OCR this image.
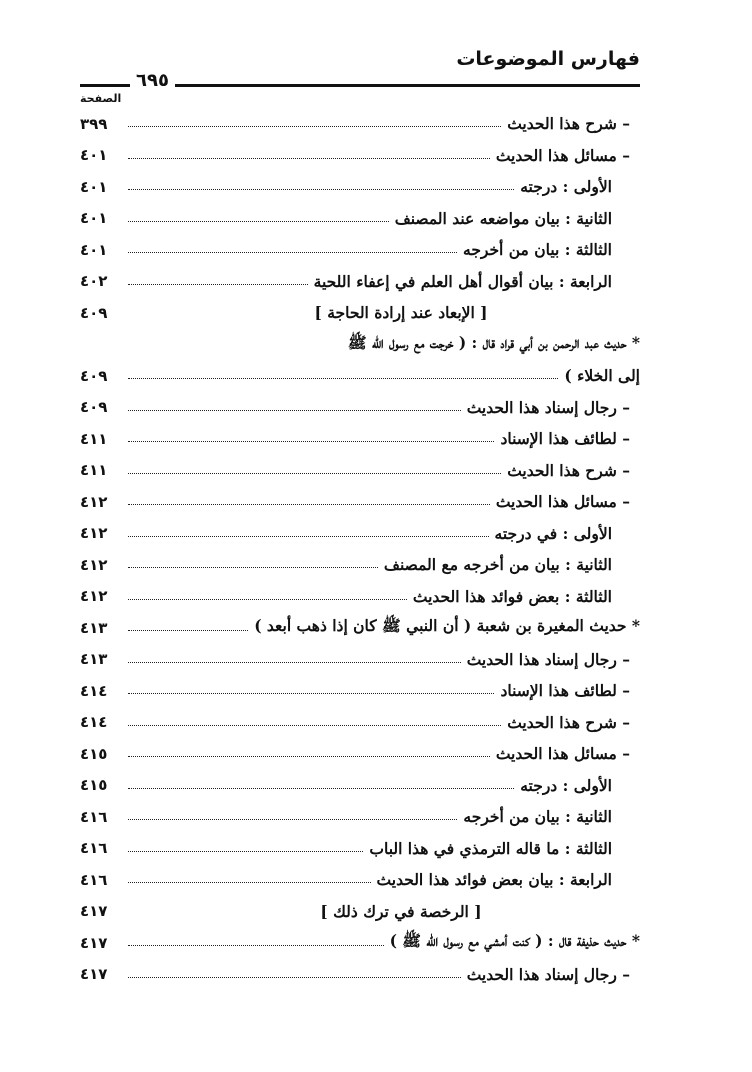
فهارس الموضوعات
٦٩٥
الصفحة
– شرح هذا الحديث
٣٩٩
– مسائل هذا الحديث
٤٠١
الأولى : درجته
٤٠١
الثانية : بيان مواضعه عند المصنف
٤٠١
الثالثة : بيان من أخرجه
٤٠١
الرابعة : بيان أقوال أهل العلم في إعفاء اللحية
٤٠٢
[ الإبعاد عند إرادة الحاجة ]
٤٠٩
* حديث عبد الرحمن بن أبي قراد قال : ( خرجت مع رسول الله ﷺ
إلى الخلاء )
٤٠٩
– رجال إسناد هذا الحديث
٤٠٩
– لطائف هذا الإسناد
٤١١
– شرح هذا الحديث
٤١١
– مسائل هذا الحديث
٤١٢
الأولى : في درجته
٤١٢
الثانية : بيان من أخرجه مع المصنف
٤١٢
الثالثة : بعض فوائد هذا الحديث
٤١٢
* حديث المغيرة بن شعبة ( أن النبي ﷺ كان إذا ذهب أبعد )
٤١٣
– رجال إسناد هذا الحديث
٤١٣
– لطائف هذا الإسناد
٤١٤
– شرح هذا الحديث
٤١٤
– مسائل هذا الحديث
٤١٥
الأولى : درجته
٤١٥
الثانية : بيان من أخرجه
٤١٦
الثالثة : ما قاله الترمذي في هذا الباب
٤١٦
الرابعة : بيان بعض فوائد هذا الحديث
٤١٦
[ الرخصة في ترك ذلك ]
٤١٧
* حديث حذيفة قال : ( كنت أمشي مع رسول الله ﷺ )
٤١٧
– رجال إسناد هذا الحديث
٤١٧
